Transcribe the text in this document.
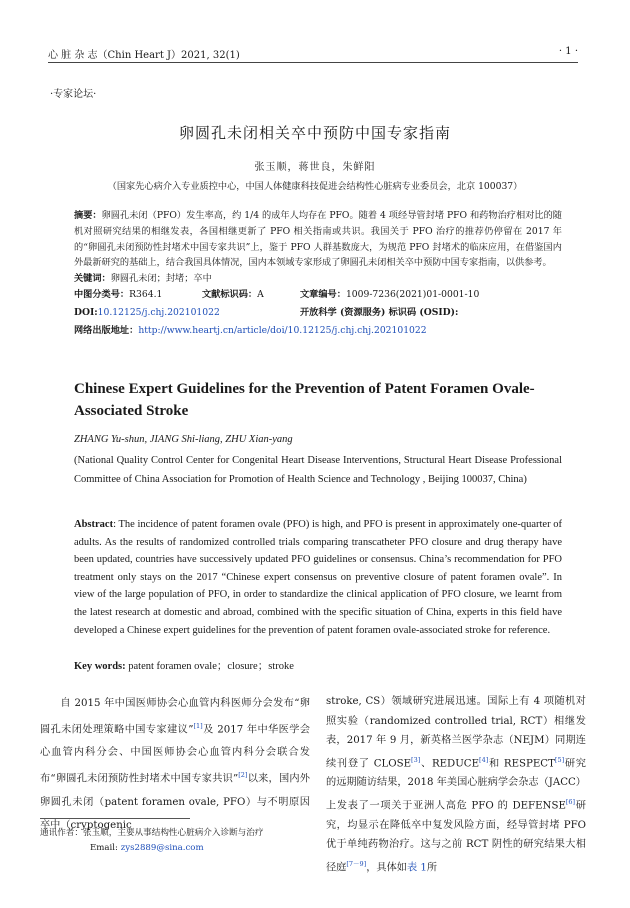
心 脏 杂 志（Chin Heart J）2021, 32(1)	· 1 ·
·专家论坛·
卵圆孔未闭相关卒中预防中国专家指南
张玉顺，蒋世良，朱鲜阳
（国家先心病介入专业质控中心，中国人体健康科技促进会结构性心脏病专业委员会，北京 100037）
摘要：卵圆孔未闭（PFO）发生率高，约 1/4 的成年人均存在 PFO。随着 4 项经导管封堵 PFO 和药物治疗相对比的随机对照研究结果的相继发表，各国相继更新了 PFO 相关指南或共识。我国关于 PFO 治疗的推荐仍停留在 2017 年的“卵圆孔未闭预防性封堵术中国专家共识”上，鉴于 PFO 人群基数庞大，为规范 PFO 封堵术的临床应用，在借鉴国内外最新研究的基础上，结合我国具体情况，国内本领域专家形成了卵圆孔未闭相关卒中预防中国专家指南，以供参考。
关键词：卵圆孔未闭；封堵；卒中
中图分类号：R364.1	文献标识码：A	文章编号：1009-7236(2021)01-0001-10
DOI:10.12125/j.chj.202101022	开放科学 (资源服务) 标识码 (OSID):
网络出版地址：http://www.heartj.cn/article/doi/10.12125/j.chj.chj.202101022
Chinese Expert Guidelines for the Prevention of Patent Foramen Ovale-Associated Stroke
ZHANG Yu-shun, JIANG Shi-liang, ZHU Xian-yang
(National Quality Control Center for Congenital Heart Disease Interventions, Structural Heart Disease Professional Committee of China Association for Promotion of Health Science and Technology , Beijing 100037, China)
Abstract: The incidence of patent foramen ovale (PFO) is high, and PFO is present in approximately one-quarter of adults. As the results of randomized controlled trials comparing transcatheter PFO closure and drug therapy have been updated, countries have successively updated PFO guidelines or consensus. China’s recommendation for PFO treatment only stays on the 2017 “Chinese expert consensus on preventive closure of patent foramen ovale”. In view of the large population of PFO, in order to standardize the clinical application of PFO closure, we learnt from the latest research at domestic and abroad, combined with the specific situation of China, experts in this field have developed a Chinese expert guidelines for the prevention of patent foramen ovale-associated stroke for reference.
Key words: patent foramen ovale；closure；stroke
自 2015 年中国医师协会心血管内科医师分会发布“卵圆孔未闭处理策略中国专家建议”[1]及 2017 年中华医学会心血管内科分会、中国医师协会心血管内科分会联合发布“卵圆孔未闭预防性封堵术中国专家共识”[2]以来，国内外卵圆孔未闭（patent foramen ovale, PFO）与不明原因卒中（cryptogenic
stroke, CS）领域研究进展迅速。国际上有 4 项随机对照实验（randomized controlled trial, RCT）相继发表，2017 年 9 月，新英格兰医学杂志（NEJM）同期连续刊登了 CLOSE[3]、REDUCE[4]和 RESPECT[5]研究的远期随访结果，2018 年美国心脏病学会杂志（JACC）上发表了一项关于亚洲人高危 PFO 的 DEFENSE[6]研究，均显示在降低卒中复发风险方面，经导管封堵 PFO 优于单纯药物治疗。这与之前 RCT 阴性的研究结果大相径庭[7－9]，具体如表 1所
通讯作者：张玉顺，主要从事结构性心脏病介入诊断与治疗
Email: zys2889@sina.com
